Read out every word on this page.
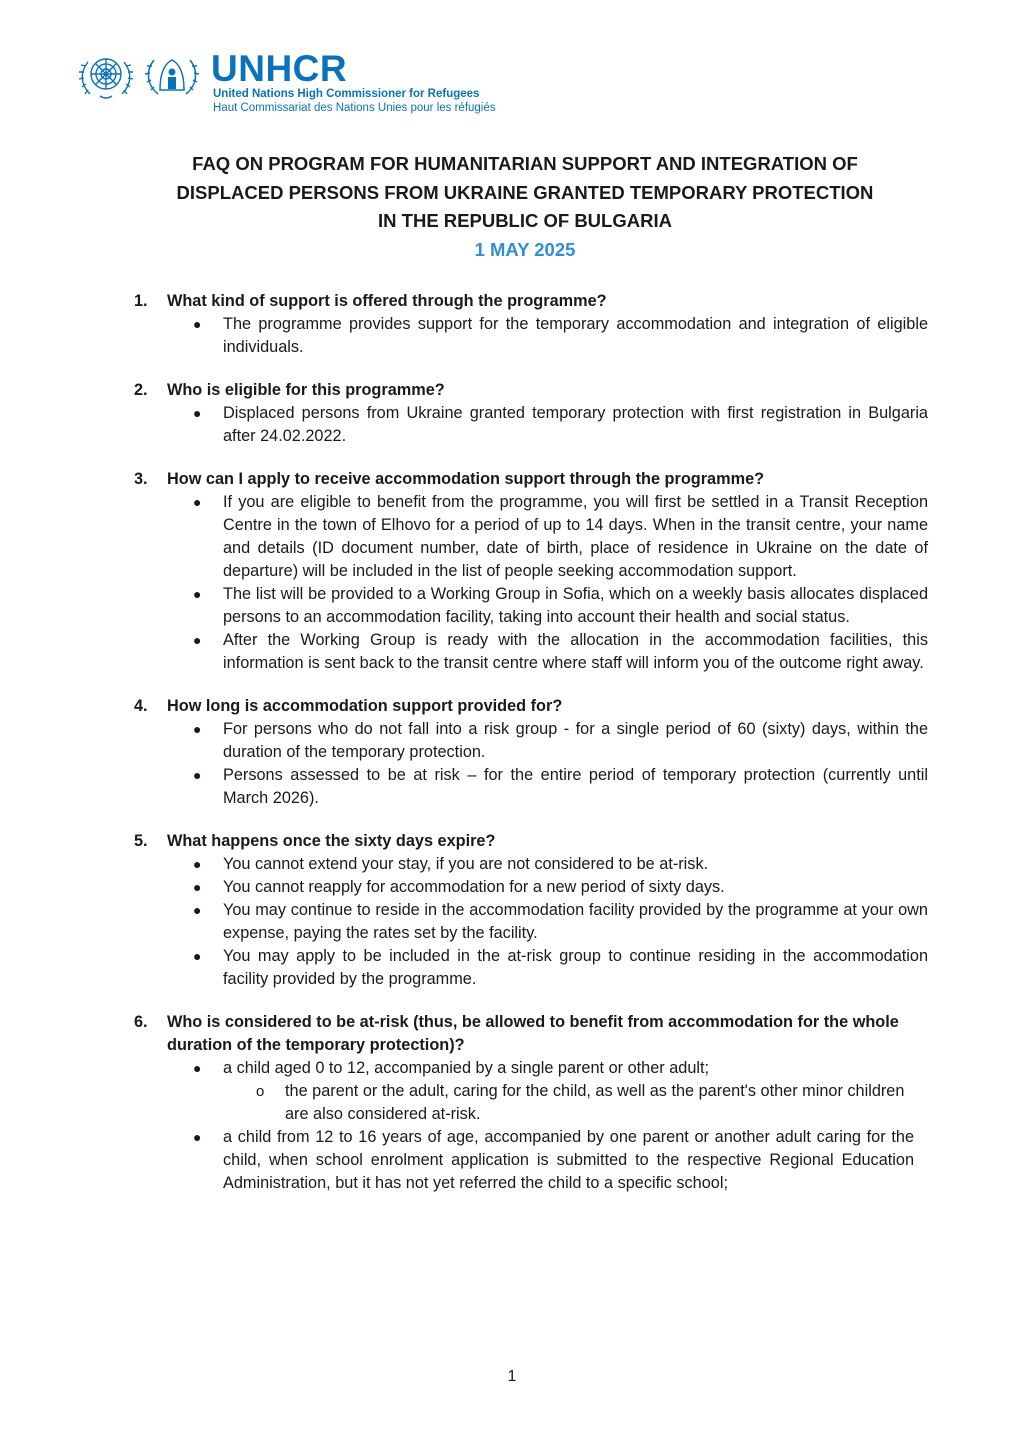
UNHCR
United Nations High Commissioner for Refugees
Haut Commissariat des Nations Unies pour les réfugiés
FAQ ON PROGRAM FOR HUMANITARIAN SUPPORT AND INTEGRATION OF
DISPLACED PERSONS FROM UKRAINE GRANTED TEMPORARY PROTECTION
IN THE REPUBLIC OF BULGARIA
1 MAY 2025
1. What kind of support is offered through the programme?
● The programme provides support for the temporary accommodation and integration of eligible individuals.
2. Who is eligible for this programme?
● Displaced persons from Ukraine granted temporary protection with first registration in Bulgaria after 24.02.2022.
3. How can I apply to receive accommodation support through the programme?
● If you are eligible to benefit from the programme, you will first be settled in a Transit Reception Centre in the town of Elhovo for a period of up to 14 days. When in the transit centre, your name and details (ID document number, date of birth, place of residence in Ukraine on the date of departure) will be included in the list of people seeking accommodation support.
● The list will be provided to a Working Group in Sofia, which on a weekly basis allocates displaced persons to an accommodation facility, taking into account their health and social status.
● After the Working Group is ready with the allocation in the accommodation facilities, this information is sent back to the transit centre where staff will inform you of the outcome right away.
4. How long is accommodation support provided for?
● For persons who do not fall into a risk group - for a single period of 60 (sixty) days, within the duration of the temporary protection.
● Persons assessed to be at risk – for the entire period of temporary protection (currently until March 2026).
5. What happens once the sixty days expire?
● You cannot extend your stay, if you are not considered to be at-risk.
● You cannot reapply for accommodation for a new period of sixty days.
● You may continue to reside in the accommodation facility provided by the programme at your own expense, paying the rates set by the facility.
● You may apply to be included in the at-risk group to continue residing in the accommodation facility provided by the programme.
6. Who is considered to be at-risk (thus, be allowed to benefit from accommodation for the whole duration of the temporary protection)?
● a child aged 0 to 12, accompanied by a single parent or other adult;
o the parent or the adult, caring for the child, as well as the parent's other minor children are also considered at-risk.
● a child from 12 to 16 years of age, accompanied by one parent or another adult caring for the child, when school enrolment application is submitted to the respective Regional Education Administration, but it has not yet referred the child to a specific school;
1
